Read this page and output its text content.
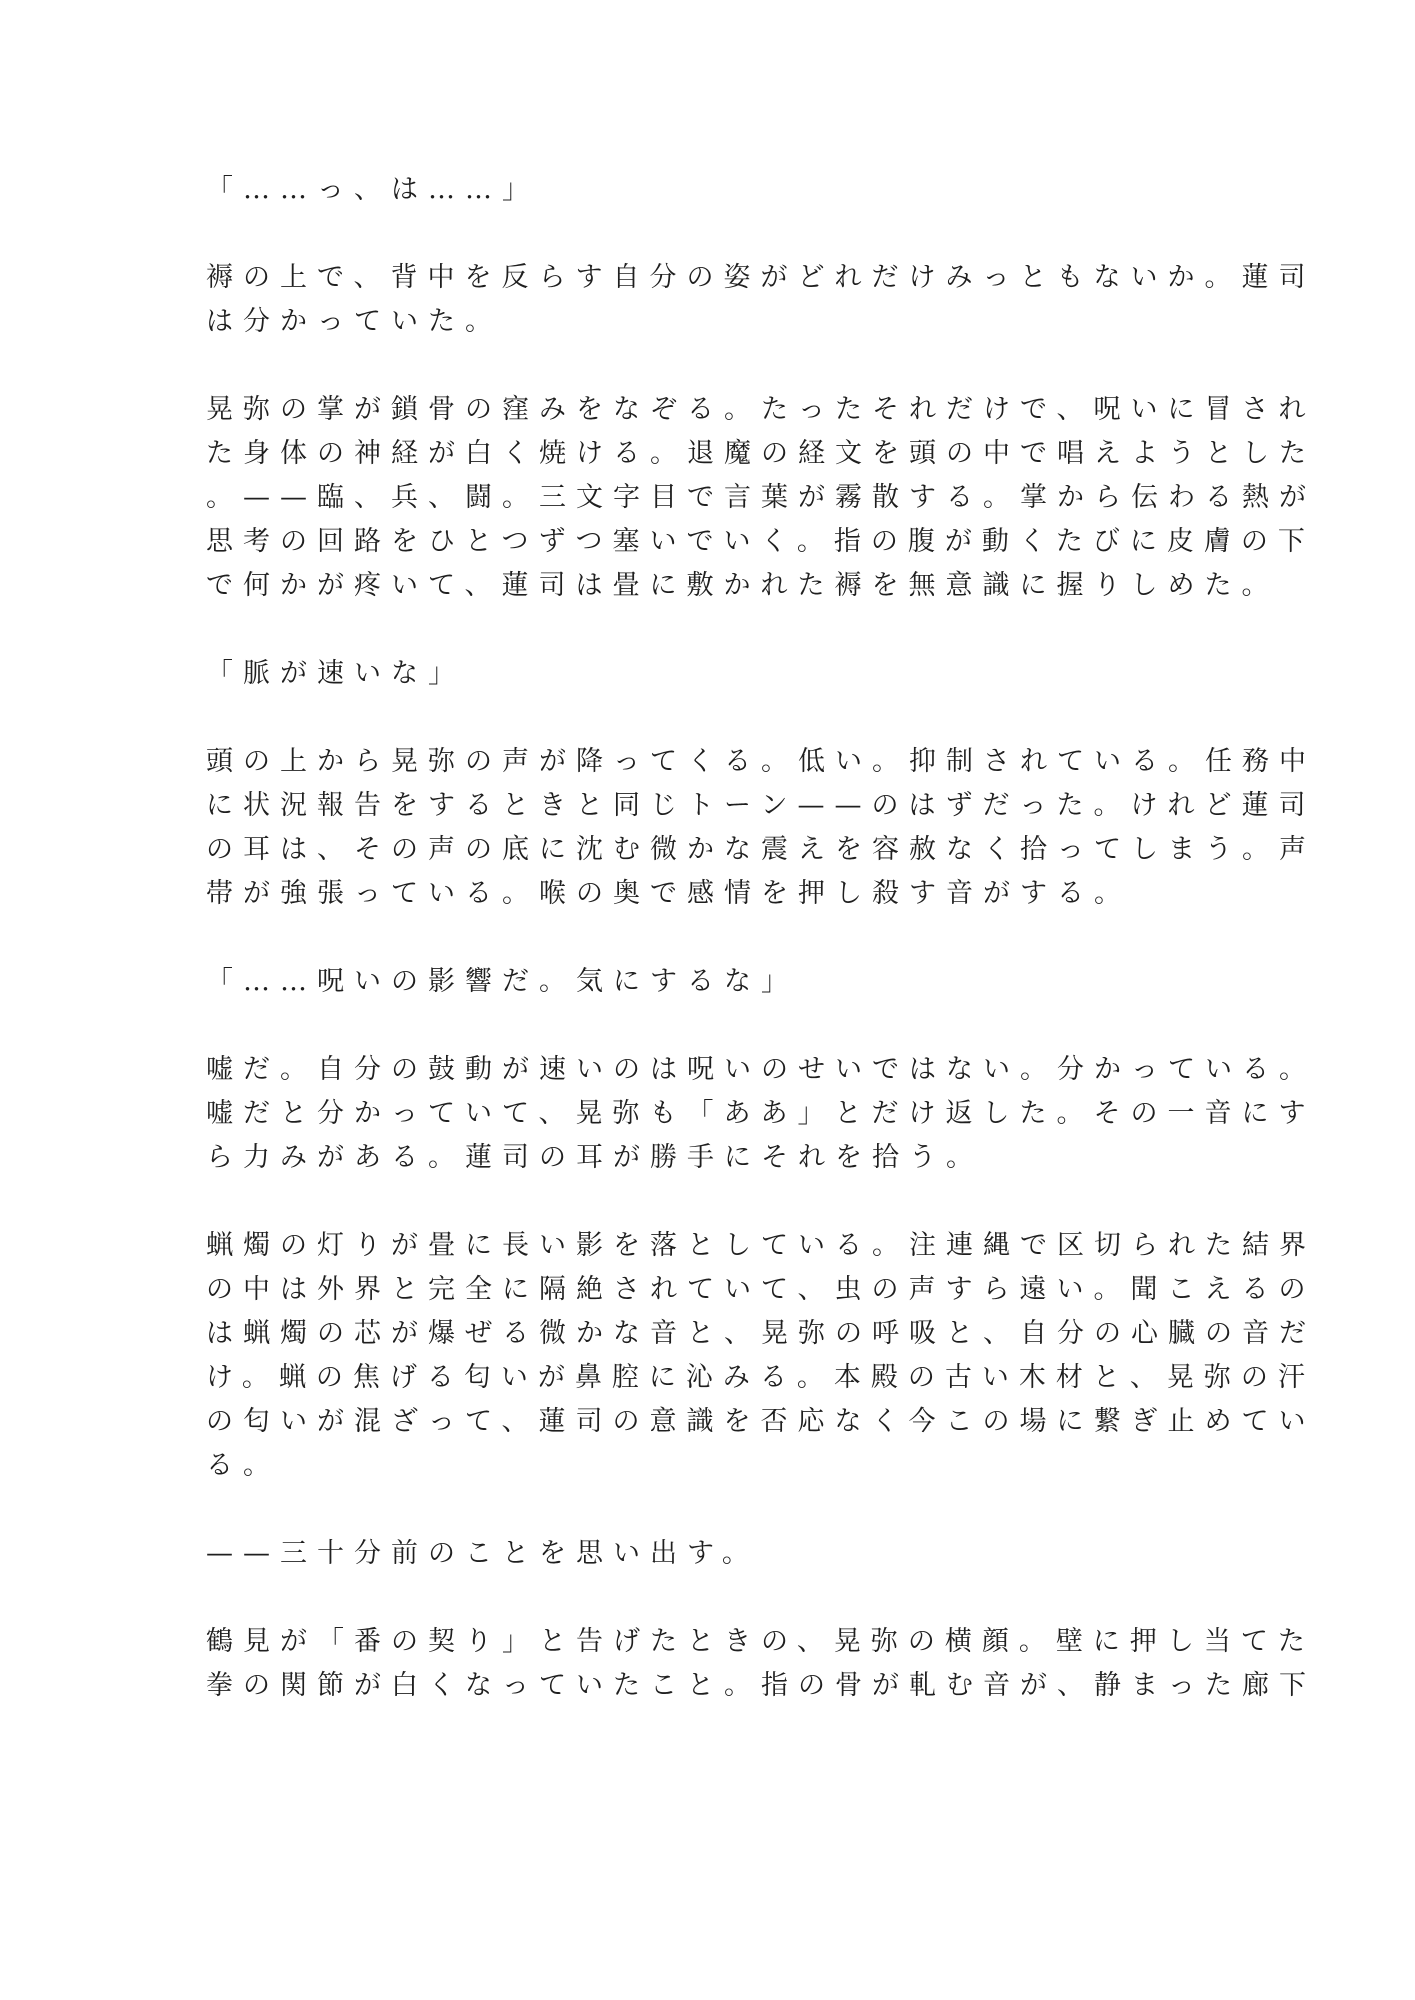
「……っ、は……」
褥の上で、背中を反らす自分の姿がどれだけみっともないか。蓮司
は分かっていた。
晃弥の掌が鎖骨の窪みをなぞる。たったそれだけで、呪いに冒され
た身体の神経が白く焼ける。退魔の経文を頭の中で唱えようとした
。——臨、兵、闘。三文字目で言葉が霧散する。掌から伝わる熱が
思考の回路をひとつずつ塞いでいく。指の腹が動くたびに皮膚の下
で何かが疼いて、蓮司は畳に敷かれた褥を無意識に握りしめた。
「脈が速いな」
頭の上から晃弥の声が降ってくる。低い。抑制されている。任務中
に状況報告をするときと同じトーン——のはずだった。けれど蓮司
の耳は、その声の底に沈む微かな震えを容赦なく拾ってしまう。声
帯が強張っている。喉の奥で感情を押し殺す音がする。
「……呪いの影響だ。気にするな」
嘘だ。自分の鼓動が速いのは呪いのせいではない。分かっている。
嘘だと分かっていて、晃弥も「ああ」とだけ返した。その一音にす
ら力みがある。蓮司の耳が勝手にそれを拾う。
蝋燭の灯りが畳に長い影を落としている。注連縄で区切られた結界
の中は外界と完全に隔絶されていて、虫の声すら遠い。聞こえるの
は蝋燭の芯が爆ぜる微かな音と、晃弥の呼吸と、自分の心臓の音だ
け。蝋の焦げる匂いが鼻腔に沁みる。本殿の古い木材と、晃弥の汗
の匂いが混ざって、蓮司の意識を否応なく今この場に繋ぎ止めてい
る。
——三十分前のことを思い出す。
鶴見が「番の契り」と告げたときの、晃弥の横顔。壁に押し当てた
拳の関節が白くなっていたこと。指の骨が軋む音が、静まった廊下
